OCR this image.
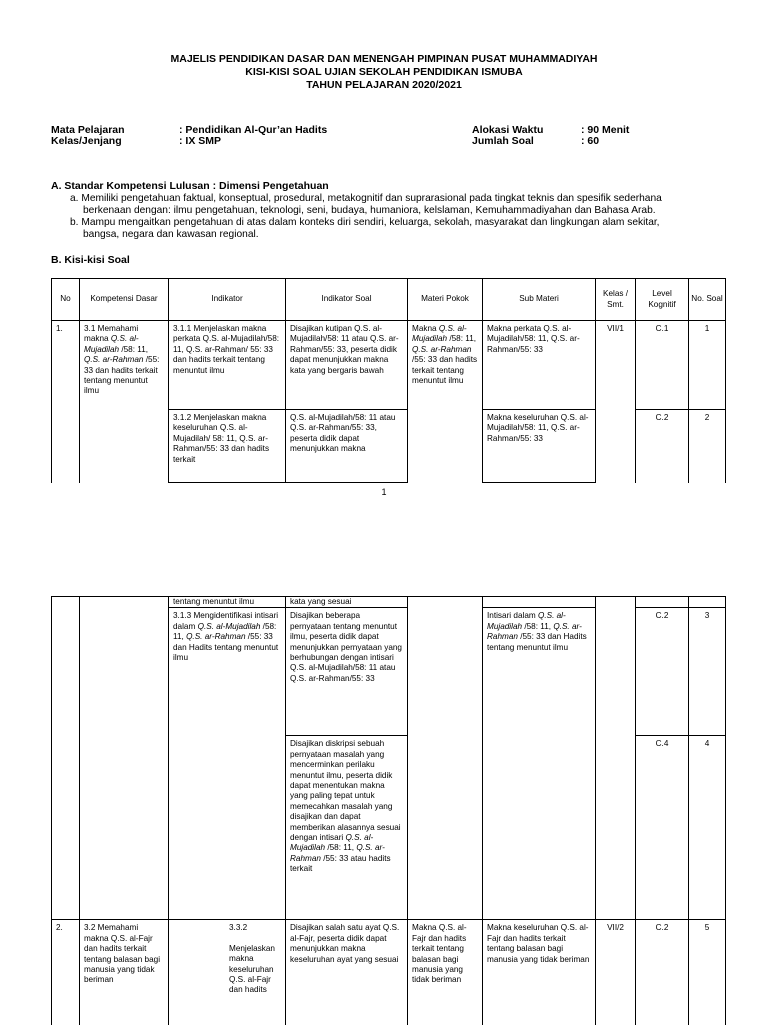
MAJELIS PENDIDIKAN DASAR DAN MENENGAH PIMPINAN PUSAT MUHAMMADIYAH
KISI-KISI SOAL UJIAN SEKOLAH PENDIDIKAN ISMUBA
TAHUN PELAJARAN 2020/2021
Mata Pelajaran	: Pendidikan Al-Qur’an Hadits
Kelas/Jenjang	: IX SMP
Alokasi Waktu	: 90 Menit
Jumlah Soal	: 60
A. Standar Kompetensi Lulusan : Dimensi Pengetahuan
a. Memiliki pengetahuan faktual, konseptual, prosedural, metakognitif dan suprarasional pada tingkat teknis dan spesifik sederhana
berkenaan dengan: ilmu pengetahuan, teknologi, seni, budaya, humaniora, kelslaman, Kemuhammadiyahan dan Bahasa Arab.
b. Mampu mengaitkan pengetahuan di atas dalam konteks diri sendiri, keluarga, sekolah, masyarakat dan lingkungan alam sekitar,
bangsa, negara dan kawasan regional.
B. Kisi-kisi Soal
No	Kompetensi Dasar	Indikator	Indikator Soal	Materi Pokok	Sub Materi	Kelas / Smt.	Level Kognitif	No. Soal
1.	3.1 Memahami makna Q.S. al-Mujadilah /58: 11, Q.S. ar-Rahman /55: 33 dan hadits terkait tentang menuntut ilmu	3.1.1 Menjelaskan makna perkata Q.S. al-Mujadilah/58: 11, Q.S. ar-Rahman/ 55: 33 dan hadits terkait tentang menuntut ilmu	Disajikan kutipan Q.S. al-Mujadilah/58: 11 atau Q.S. ar-Rahman/55: 33, peserta didik dapat menunjukkan makna kata yang bergaris bawah	Makna Q.S. al-Mujadilah /58: 11, Q.S. ar-Rahman /55: 33 dan hadits terkait tentang menuntut ilmu	Makna perkata Q.S. al-Mujadilah/58: 11, Q.S. ar-Rahman/55: 33	VII/1	C.1	1
		3.1.2 Menjelaskan makna keseluruhan Q.S. al-Mujadilah/ 58: 11, Q.S. ar-Rahman/55: 33 dan hadits terkait	Q.S. al-Mujadilah/58: 11 atau Q.S. ar-Rahman/55: 33, peserta didik dapat menunjukkan makna		Makna keseluruhan Q.S. al-Mujadilah/58: 11, Q.S. ar-Rahman/55: 33		C.2	2
1
		tentang menuntut ilmu	kata yang sesuai					
		3.1.3 Mengidentifikasi intisari dalam Q.S. al-Mujadilah /58: 11, Q.S. ar-Rahman /55: 33 dan Hadits tentang menuntut ilmu	Disajikan beberapa pernyataan tentang menuntut ilmu, peserta didik dapat menunjukkan pernyataan yang berhubungan dengan intisari Q.S. al-Mujadilah/58: 11 atau Q.S. ar-Rahman/55: 33		Intisari dalam Q.S. al-Mujadilah /58: 11, Q.S. ar-Rahman /55: 33 dan Hadits tentang menuntut ilmu		C.2	3
			Disajikan diskripsi sebuah pernyataan masalah yang mencerminkan perilaku menuntut ilmu, peserta didik dapat menentukan makna yang paling tepat untuk memecahkan masalah yang disajikan dan dapat memberikan alasannya sesuai dengan intisari Q.S. al-Mujadilah /58: 11, Q.S. ar-Rahman /55: 33 atau hadits terkait				C.4	4
2.	3.2 Memahami makna Q.S. al-Fajr dan hadits terkait tentang balasan bagi manusia yang tidak beriman	3.3.2
Menjelaskan makna keseluruhan Q.S. al-Fajr dan hadits	Disajikan salah satu ayat Q.S. al-Fajr, peserta didik dapat menunjukkan makna keseluruhan ayat yang sesuai	Makna Q.S. al-Fajr dan hadits terkait tentang balasan bagi manusia yang tidak beriman	Makna keseluruhan Q.S. al-Fajr dan hadits terkait tentang balasan bagi manusia yang tidak beriman	VII/2	C.2	5
